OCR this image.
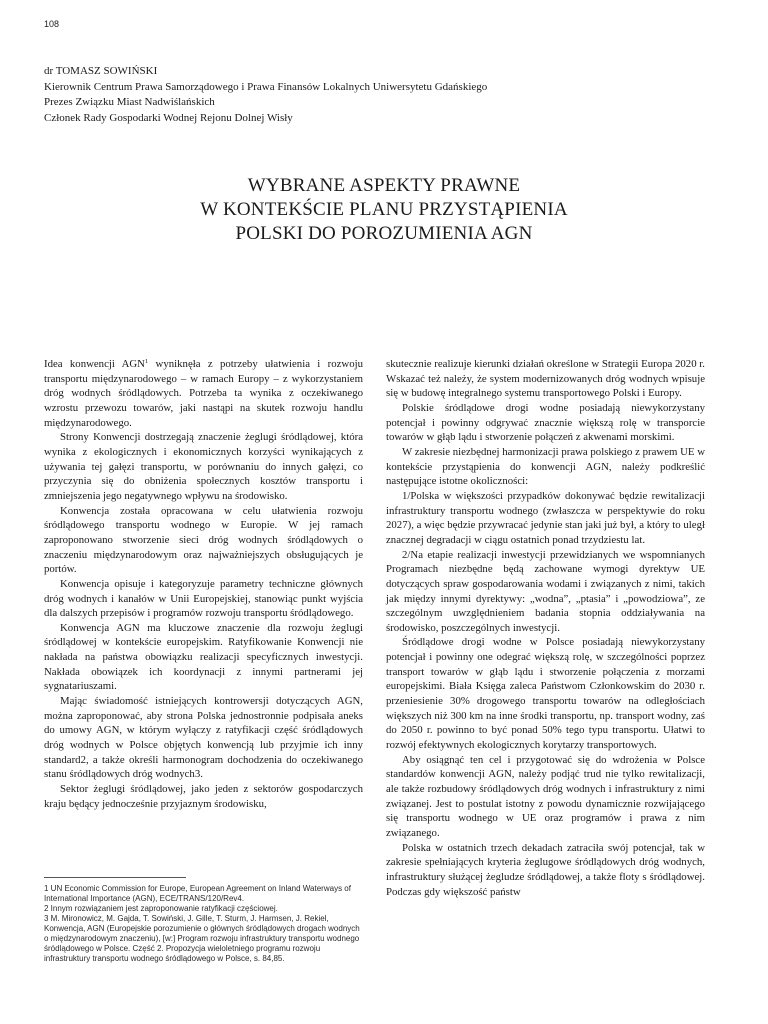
108
dr TOMASZ SOWIŃSKI
Kierownik Centrum Prawa Samorządowego i Prawa Finansów Lokalnych Uniwersytetu Gdańskiego
Prezes Związku Miast Nadwiślańskich
Członek Rady Gospodarki Wodnej Rejonu Dolnej Wisły
WYBRANE ASPEKTY PRAWNE
W KONTEKŚCIE PLANU PRZYSTĄPIENIA
POLSKI DO POROZUMIENIA AGN

Idea konwencji AGN$^1$ wyniknęła z potrzeby ułatwienia i rozwoju transportu międzynarodowego – w ramach Europy – z wykorzystaniem dróg wodnych śródlądowych. Potrzeba ta wynika z oczekiwanego wzrostu przewozu towarów, jaki nastąpi na skutek rozwoju handlu międzynarodowego.

Strony Konwencji dostrzegają znaczenie żeglugi śródlądowej, która wynika z ekologicznych i ekonomicznych korzyści wynikających z używania tej gałęzi transportu, w porównaniu do innych gałęzi, co przyczynia się do obniżenia społecznych kosztów transportu i zmniejszenia jego negatywnego wpływu na środowisko.

Konwencja została opracowana w celu ułatwienia rozwoju śródlądowego transportu wodnego w Europie. W jej ramach zaproponowano stworzenie sieci dróg wodnych śródlądowych o znaczeniu międzynarodowym oraz najważniejszych obsługujących je portów.

Konwencja opisuje i kategoryzuje parametry techniczne głównych dróg wodnych i kanałów w Unii Europejskiej, stanowiąc punkt wyjścia dla dalszych przepisów i programów rozwoju transportu śródlądowego.

Konwencja AGN ma kluczowe znaczenie dla rozwoju żeglugi śródlądowej w kontekście europejskim. Ratyfikowanie Konwencji nie nakłada na państwa obowiązku realizacji specyficznych inwestycji. Nakłada obowiązek ich koordynacji z innymi partnerami jej sygnatariuszami.

Mając świadomość istniejących kontrowersji dotyczących AGN, można zaproponować, aby strona Polska jednostronnie podpisała aneks do umowy AGN, w którym wyłączy z ratyfikacji część śródlądowych dróg wodnych w Polsce objętych konwencją lub przyjmie ich inny standard2, a także określi harmonogram dochodzenia do oczekiwanego stanu śródlądowych dróg wodnych3.

Sektor żeglugi śródlądowej, jako jeden z sektorów gospodarczych kraju będący jednocześnie przyjaznym środowisku,

skutecznie realizuje kierunki działań określone w Strategii Europa 2020 r. Wskazać też należy, że system modernizowanych dróg wodnych wpisuje się w budowę integralnego systemu transportowego Polski i Europy.

Polskie śródlądowe drogi wodne posiadają niewykorzystany potencjał i powinny odgrywać znacznie większą rolę w transporcie towarów w głąb lądu i stworzenie połączeń z akwenami morskimi.

W zakresie niezbędnej harmonizacji prawa polskiego z prawem UE w kontekście przystąpienia do konwencji AGN, należy podkreślić następujące istotne okoliczności:

1/Polska w większości przypadków dokonywać będzie rewitalizacji infrastruktury transportu wodnego (zwłaszcza w perspektywie do roku 2027), a więc będzie przywracać jedynie stan jaki już był, a który to uległ znacznej degradacji w ciągu ostatnich ponad trzydziestu lat.

2/Na etapie realizacji inwestycji przewidzianych we wspomnianych Programach niezbędne będą zachowane wymogi dyrektyw UE dotyczących spraw gospodarowania wodami i związanych z nimi, takich jak między innymi dyrektywy: „wodna”, „ptasia” i „powodziowa”, ze szczególnym uwzględnieniem badania stopnia oddziaływania na środowisko, poszczególnych inwestycji.

Śródlądowe drogi wodne w Polsce posiadają niewykorzystany potencjał i powinny one odegrać większą rolę, w szczególności poprzez transport towarów w głąb lądu i stworzenie połączenia z morzami europejskimi. Biała Księga zaleca Państwom Członkowskim do 2030 r. przeniesienie 30% drogowego transportu towarów na odległościach większych niż 300 km na inne środki transportu, np. transport wodny, zaś do 2050 r. powinno to być ponad 50% tego typu transportu. Ułatwi to rozwój efektywnych ekologicznych korytarzy transportowych.

Aby osiągnąć ten cel i przygotować się do wdrożenia w Polsce standardów konwencji AGN, należy podjąć trud nie tylko rewitalizacji, ale także rozbudowy śródlądowych dróg wodnych i infrastruktury z nimi związanej. Jest to postulat istotny z powodu dynamicznie rozwijającego się transportu wodnego w UE oraz programów i prawa z nim związanego.

Polska w ostatnich trzech dekadach zatraciła swój potencjał, tak w zakresie spełniających kryteria żeglugowe śródlądowych dróg wodnych, infrastruktury służącej żegludze śródlądowej, a także floty s śródlądowej. Podczas gdy większość państw

1 UN Economic Commission for Europe, European Agreement on Inland Waterways of International Importance (AGN), ECE/TRANS/120/Rev4.

2 Innym rozwiązaniem jest zaproponowanie ratyfikacji częściowej.

3 M. Mironowicz, M. Gajda, T. Sowiński, J. Gille, T. Sturm, J. Harmsen, J. Rekiel, Konwencja, AGN (Europejskie porozumienie o głównych śródlądowych drogach wodnych o międzynarodowym znaczeniu), [w:] Program rozwoju infrastruktury transportu wodnego śródlądowego w Polsce. Część 2. Propozycja wieloletniego programu rozwoju infrastruktury transportu wodnego śródlądowego w Polsce, s. 84,85.
